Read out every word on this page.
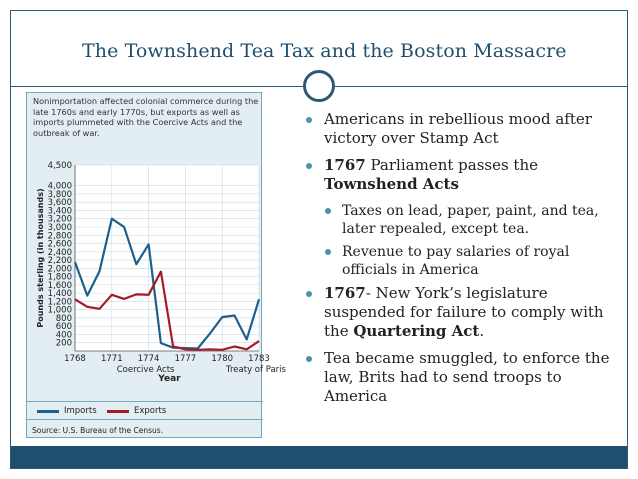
The Townshend Tea Tax and the Boston Massacre
Nonimportation affected colonial commerce during the late 1760s and early 1770s, but exports as well as imports plummeted with the Coercive Acts and the outbreak of war.
200
400
600
800
1,000
1,200
1,400
1,600
1,800
2,000
2,200
2,400
2,600
2,800
3,000
3,200
3,400
3,600
3,800
4,000
4,500
1768 1771 1774 1777 1780 1783
Pounds sterling (in thousands)
Coercive Acts	Treaty of Paris
Year
Imports	Exports
Source: U.S. Bureau of the Census.
Americans in rebellious mood after victory over Stamp Act
1767 Parliament passes the Townshend Acts
Taxes on lead, paper, paint, and tea, later repealed, except tea.
Revenue to pay salaries of royal officials in America
1767- New York’s legislature suspended for failure to comply with the Quartering Act.
Tea became smuggled, to enforce the law, Brits had to send troops to America
